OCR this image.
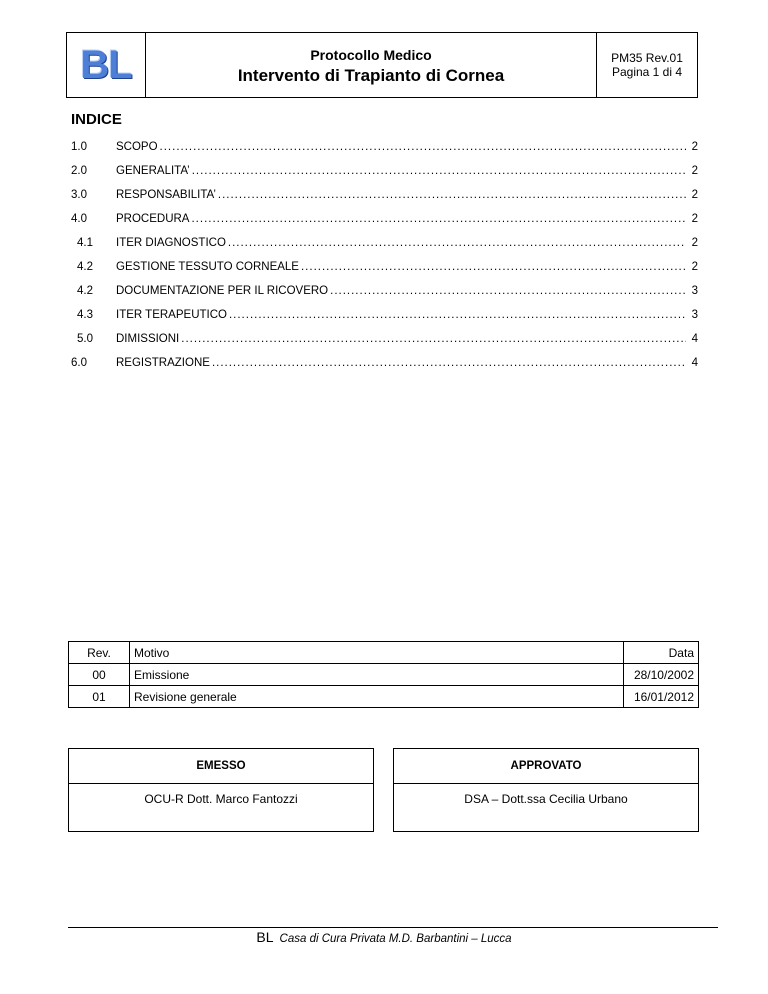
BL	Protocollo Medico
Intervento di Trapianto di Cornea
PM35 Rev.01
Pagina 1 di 4
INDICE
1.0	SCOPO .....	2
2.0	GENERALITA’ .....	2
3.0	RESPONSABILITA’ .....	2
4.0	PROCEDURA .....	2
4.1	ITER DIAGNOSTICO .....	2
4.2	GESTIONE TESSUTO CORNEALE .....	2
4.2	DOCUMENTAZIONE PER IL RICOVERO .....	3
4.3	ITER TERAPEUTICO .....	3
5.0	DIMISSIONI .....	4
6.0	REGISTRAZIONE .....	4
Rev.	Motivo	Data
00	Emissione	28/10/2002
01	Revisione generale	16/01/2012
EMESSO
OCU-R Dott. Marco Fantozzi
APPROVATO
DSA – Dott.ssa Cecilia Urbano
BL Casa di Cura Privata M.D. Barbantini – Lucca
